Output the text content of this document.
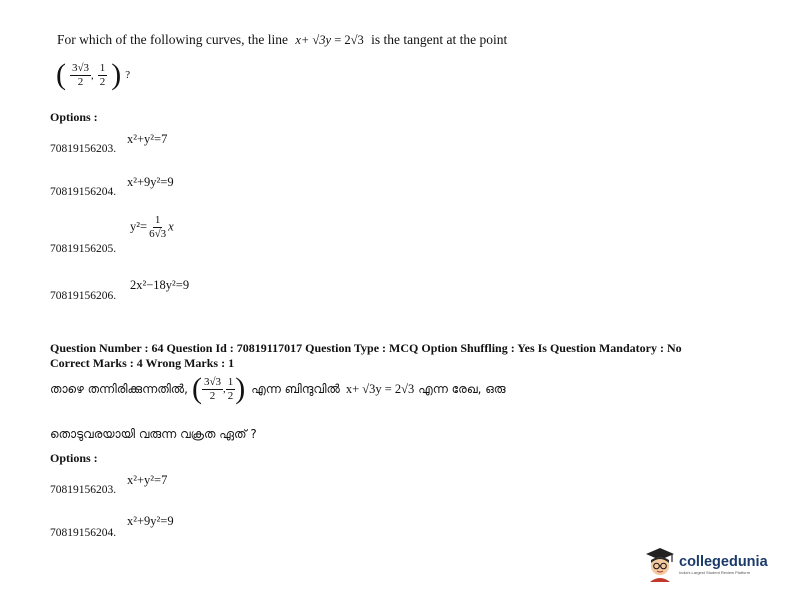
For which of the following curves, the line x+ √3y = 2√3 is the tangent at the point
( $\frac{3√3}{2}$ , $\frac{1}{2}$ ) ?
Options :
x²+y²=7
70819156203.
x²+9y²=9
70819156204.
$y^2= \frac{1}{6√3}$ x
70819156205.
2x²−18y²=9
70819156206.
Question Number : 64 Question Id : 70819117017 Question Type : MCQ Option Shuffling : Yes Is Question Mandatory : No
Correct Marks : 4 Wrong Marks : 1
താഴെ തന്നിരിക്കുന്നതിൽ, ( $\frac{3√3}{2}$ , $\frac{1}{2}$ ) എന്ന ബിന്ദുവിൽ x+ √3y = 2√3 എന്ന രേഖ, ഒരു
തൊടുവരയായി വരുന്ന വക്രത ഏത് ?
Options :
x²+y²=7
70819156203.
x²+9y²=9
70819156204.
collegedunia
India's Largest Student Review Platform
